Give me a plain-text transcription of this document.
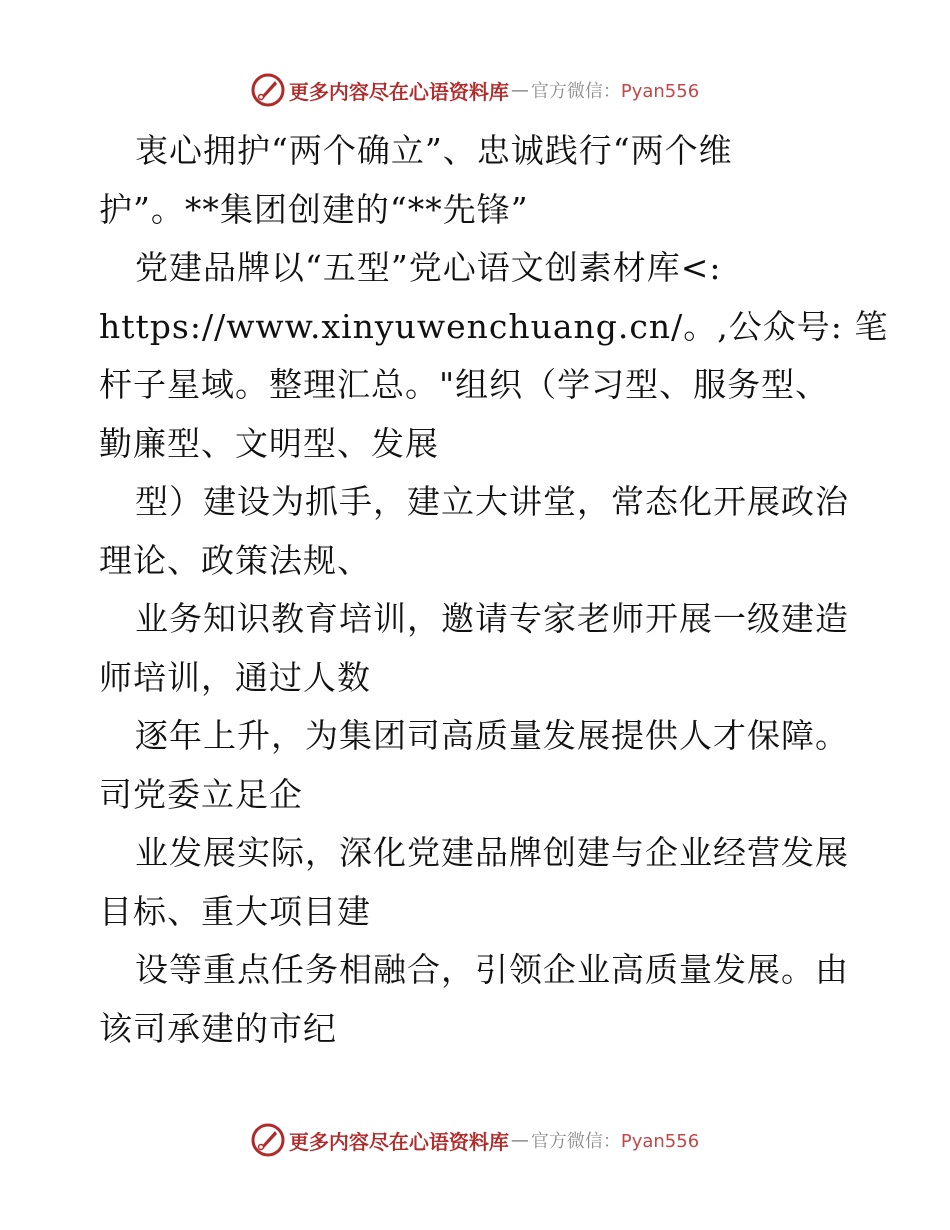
更多内容尽在心语资料库 — 官方微信：Pyan556
衷心拥护“两个确立”、忠诚践行“两个维
护”。**集团创建的“**先锋”
党建品牌以“五型”党心语文创素材库<:
https://www.xinyuwenchuang.cn/。,公众号: 笔
杆子星域。整理汇总。"组织（学习型、服务型、
勤廉型、文明型、发展
型）建设为抓手，建立大讲堂，常态化开展政治
理论、政策法规、
业务知识教育培训，邀请专家老师开展一级建造
师培训，通过人数
逐年上升，为集团司高质量发展提供人才保障。
司党委立足企
业发展实际，深化党建品牌创建与企业经营发展
目标、重大项目建
设等重点任务相融合，引领企业高质量发展。由
该司承建的市纪
更多内容尽在心语资料库 — 官方微信：Pyan556
